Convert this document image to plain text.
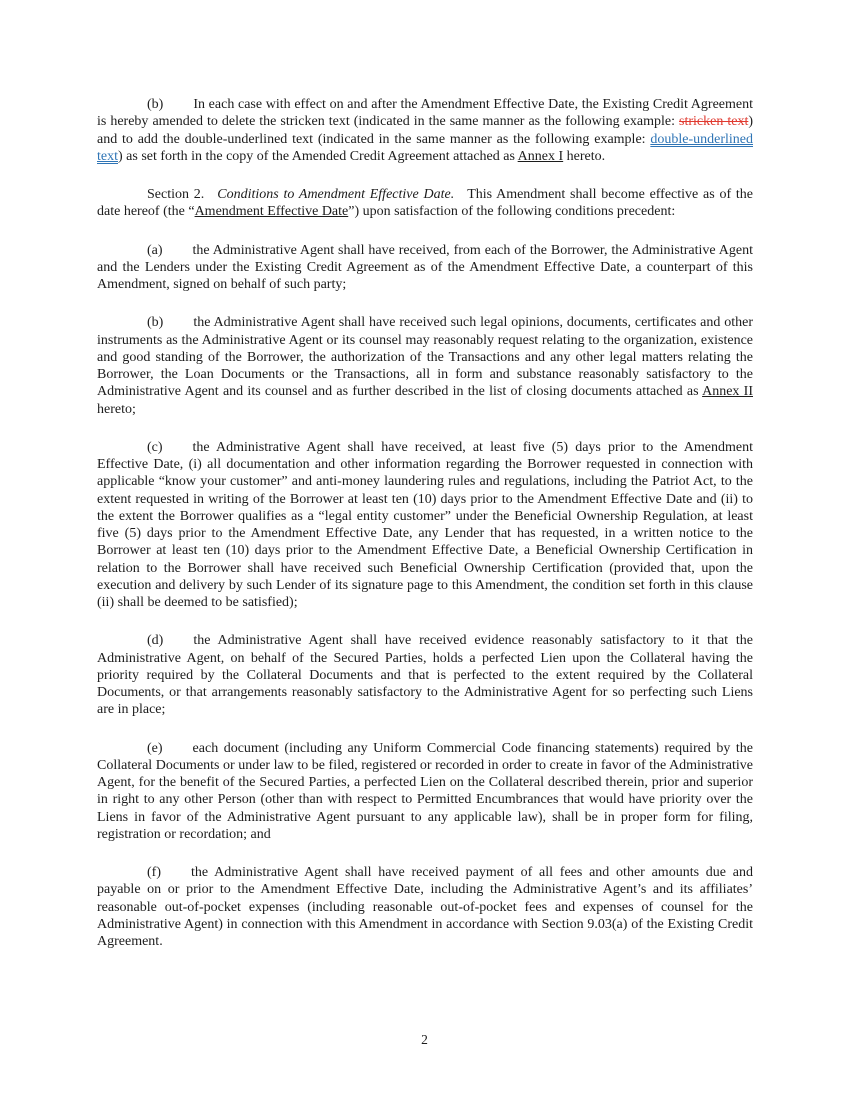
(b) In each case with effect on and after the Amendment Effective Date, the Existing Credit Agreement is hereby amended to delete the stricken text (indicated in the same manner as the following example: stricken text) and to add the double-underlined text (indicated in the same manner as the following example: double-underlined text) as set forth in the copy of the Amended Credit Agreement attached as Annex I hereto.

Section 2. Conditions to Amendment Effective Date. This Amendment shall become effective as of the date hereof (the “Amendment Effective Date”) upon satisfaction of the following conditions precedent:

(a) the Administrative Agent shall have received, from each of the Borrower, the Administrative Agent and the Lenders under the Existing Credit Agreement as of the Amendment Effective Date, a counterpart of this Amendment, signed on behalf of such party;

(b) the Administrative Agent shall have received such legal opinions, documents, certificates and other instruments as the Administrative Agent or its counsel may reasonably request relating to the organization, existence and good standing of the Borrower, the authorization of the Transactions and any other legal matters relating the Borrower, the Loan Documents or the Transactions, all in form and substance reasonably satisfactory to the Administrative Agent and its counsel and as further described in the list of closing documents attached as Annex II hereto;

(c) the Administrative Agent shall have received, at least five (5) days prior to the Amendment Effective Date, (i) all documentation and other information regarding the Borrower requested in connection with applicable “know your customer” and anti-money laundering rules and regulations, including the Patriot Act, to the extent requested in writing of the Borrower at least ten (10) days prior to the Amendment Effective Date and (ii) to the extent the Borrower qualifies as a “legal entity customer” under the Beneficial Ownership Regulation, at least five (5) days prior to the Amendment Effective Date, any Lender that has requested, in a written notice to the Borrower at least ten (10) days prior to the Amendment Effective Date, a Beneficial Ownership Certification in relation to the Borrower shall have received such Beneficial Ownership Certification (provided that, upon the execution and delivery by such Lender of its signature page to this Amendment, the condition set forth in this clause (ii) shall be deemed to be satisfied);

(d) the Administrative Agent shall have received evidence reasonably satisfactory to it that the Administrative Agent, on behalf of the Secured Parties, holds a perfected Lien upon the Collateral having the priority required by the Collateral Documents and that is perfected to the extent required by the Collateral Documents, or that arrangements reasonably satisfactory to the Administrative Agent for so perfecting such Liens are in place;

(e) each document (including any Uniform Commercial Code financing statements) required by the Collateral Documents or under law to be filed, registered or recorded in order to create in favor of the Administrative Agent, for the benefit of the Secured Parties, a perfected Lien on the Collateral described therein, prior and superior in right to any other Person (other than with respect to Permitted Encumbrances that would have priority over the Liens in favor of the Administrative Agent pursuant to any applicable law), shall be in proper form for filing, registration or recordation; and

(f) the Administrative Agent shall have received payment of all fees and other amounts due and payable on or prior to the Amendment Effective Date, including the Administrative Agent’s and its affiliates’ reasonable out-of-pocket expenses (including reasonable out-of-pocket fees and expenses of counsel for the Administrative Agent) in connection with this Amendment in accordance with Section 9.03(a) of the Existing Credit Agreement.

2
